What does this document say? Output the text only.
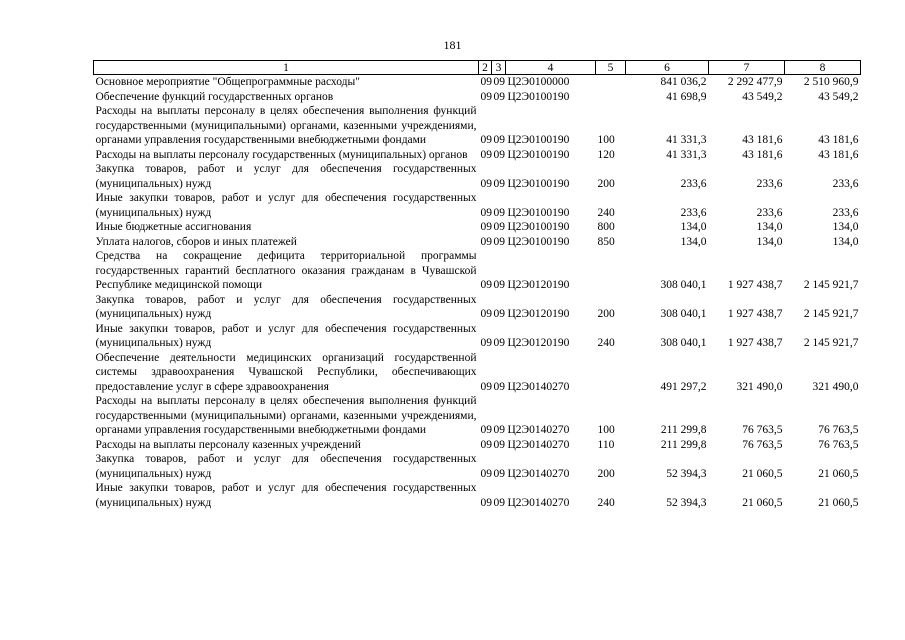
181
1	2	3	4	5	6	7	8
Основное мероприятие "Общепрограммные расходы"	09	09	Ц2Э0100000		841 036,2	2 292 477,9	2 510 960,9
Обеспечение функций государственных органов	09	09	Ц2Э0100190		41 698,9	43 549,2	43 549,2
Расходы на выплаты персоналу в целях обеспечения выполнения функций государственными (муниципальными) органами, казенными учреждениями, органами управления государственными внебюджетными фондами	09	09	Ц2Э0100190	100	41 331,3	43 181,6	43 181,6
Расходы на выплаты персоналу государственных (муниципальных) органов	09	09	Ц2Э0100190	120	41 331,3	43 181,6	43 181,6
Закупка товаров, работ и услуг для обеспечения государственных (муниципальных) нужд	09	09	Ц2Э0100190	200	233,6	233,6	233,6
Иные закупки товаров, работ и услуг для обеспечения государственных (муниципальных) нужд	09	09	Ц2Э0100190	240	233,6	233,6	233,6
Иные бюджетные ассигнования	09	09	Ц2Э0100190	800	134,0	134,0	134,0
Уплата налогов, сборов и иных платежей	09	09	Ц2Э0100190	850	134,0	134,0	134,0
Средства на сокращение дефицита территориальной программы государственных гарантий бесплатного оказания гражданам в Чувашской Республике медицинской помощи	09	09	Ц2Э0120190		308 040,1	1 927 438,7	2 145 921,7
Закупка товаров, работ и услуг для обеспечения государственных (муниципальных) нужд	09	09	Ц2Э0120190	200	308 040,1	1 927 438,7	2 145 921,7
Иные закупки товаров, работ и услуг для обеспечения государственных (муниципальных) нужд	09	09	Ц2Э0120190	240	308 040,1	1 927 438,7	2 145 921,7
Обеспечение деятельности медицинских организаций государственной системы здравоохранения Чувашской Республики, обеспечивающих предоставление услуг в сфере здравоохранения	09	09	Ц2Э0140270		491 297,2	321 490,0	321 490,0
Расходы на выплаты персоналу в целях обеспечения выполнения функций государственными (муниципальными) органами, казенными учреждениями, органами управления государственными внебюджетными фондами	09	09	Ц2Э0140270	100	211 299,8	76 763,5	76 763,5
Расходы на выплаты персоналу казенных учреждений	09	09	Ц2Э0140270	110	211 299,8	76 763,5	76 763,5
Закупка товаров, работ и услуг для обеспечения государственных (муниципальных) нужд	09	09	Ц2Э0140270	200	52 394,3	21 060,5	21 060,5
Иные закупки товаров, работ и услуг для обеспечения государственных (муниципальных) нужд	09	09	Ц2Э0140270	240	52 394,3	21 060,5	21 060,5
